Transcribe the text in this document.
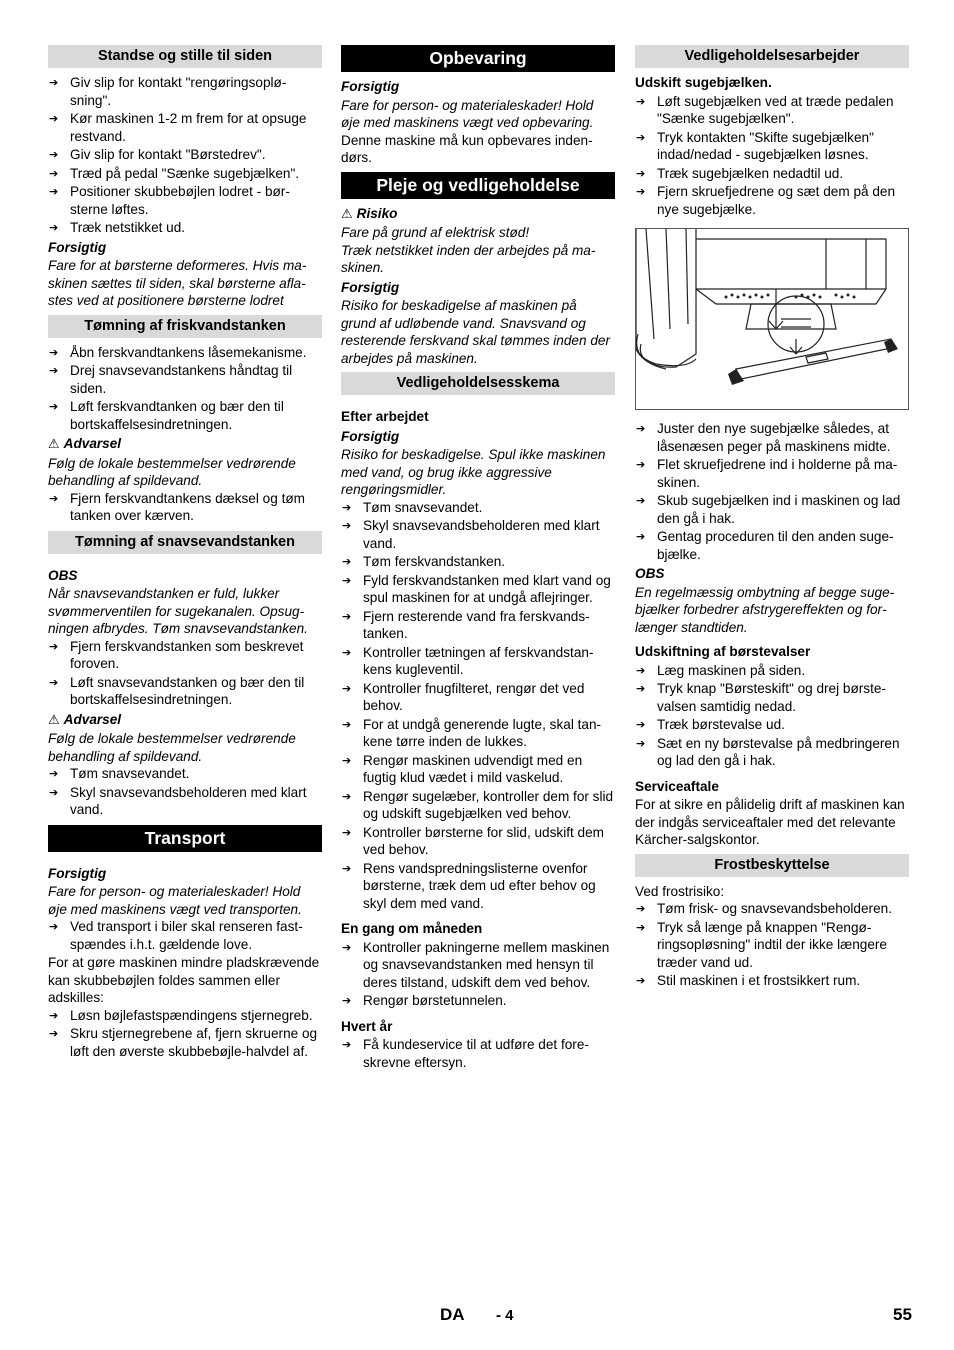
Standse og stille til siden
➔ Giv slip for kontakt "rengøringsopløsning".
➔ Kør maskinen 1-2 m frem for at opsuge restvand.
➔ Giv slip for kontakt "Børstedrev".
➔ Træd på pedal "Sænke sugebjælken".
➔ Positioner skubbebøjlen lodret - børsterne løftes.
➔ Træk netstikket ud.
Forsigtig

Fare for at børsterne deformeres. Hvis maskinen sættes til siden, skal børsterne aflastes ved at positionere børsterne lodret

Tømning af friskvandstanken
➔ Åbn ferskvandtankens låsemekanisme.
➔ Drej snavsevandstankens håndtag til siden.
➔ Løft ferskvandtanken og bær den til bortskaffelsesindretningen.
⚠ Advarsel

Følg de lokale bestemmelser vedrørende behandling af spildevand.

➔ Fjern ferskvandtankens dæksel og tøm tanken over kærven.
Tømning af snavsevandstanken
OBS

Når snavsevandstanken er fuld, lukker svømmerventilen for sugekanalen. Opsugningen afbrydes. Tøm snavsevandstanken.

➔ Fjern ferskvandstanken som beskrevet foroven.
➔ Løft snavsevandstanken og bær den til bortskaffelsesindretningen.
⚠ Advarsel

Følg de lokale bestemmelser vedrørende behandling af spildevand.

➔ Tøm snavsevandet.
➔ Skyl snavsevandsbeholderen med klart vand.
Transport
Forsigtig

Fare for person- og materialeskader! Hold øje med maskinens vægt ved transporten.

➔ Ved transport i biler skal renseren fastspændes i.h.t. gældende love.

For at gøre maskinen mindre pladskrævende kan skubbebøjlen foldes sammen eller adskilles:

➔ Løsn bøjlefastspændingens stjernegreb.
➔ Skru stjernegrebene af, fjern skruerne og løft den øverste skubbebøjle-halvdel af.
Opbevaring
Forsigtig

Fare for person- og materialeskader! Hold øje med maskinens vægt ved opbevaring.

Denne maskine må kun opbevares indendørs.

Pleje og vedligeholdelse
⚠ Risiko

Fare på grund af elektrisk stød!

Træk netstikket inden der arbejdes på maskinen.

Forsigtig

Risiko for beskadigelse af maskinen på grund af udløbende vand. Snavsvand og resterende ferskvand skal tømmes inden der arbejdes på maskinen.

Vedligeholdelsesskema
Efter arbejdet
Forsigtig

Risiko for beskadigelse. Spul ikke maskinen med vand, og brug ikke aggressive rengøringsmidler.

➔ Tøm snavsevandet.
➔ Skyl snavsevandsbeholderen med klart vand.
➔ Tøm ferskvandstanken.
➔ Fyld ferskvandstanken med klart vand og spul maskinen for at undgå aflejringer.
➔ Fjern resterende vand fra ferskvandstanken.
➔ Kontroller tætningen af ferskvandstankens kugleventil.
➔ Kontroller fnugfilteret, rengør det ved behov.
➔ For at undgå generende lugte, skal tankene tørre inden de lukkes.
➔ Rengør maskinen udvendigt med en fugtig klud vædet i mild vaskelud.
➔ Rengør sugelæber, kontroller dem for slid og udskift sugebjælken ved behov.
➔ Kontroller børsterne for slid, udskift dem ved behov.
➔ Rens vandspredningslisterne ovenfor børsterne, træk dem ud efter behov og skyl dem med vand.
En gang om måneden
➔ Kontroller pakningerne mellem maskinen og snavsevandstanken med hensyn til deres tilstand, udskift dem ved behov.
➔ Rengør børstetunnelen.
Hvert år
➔ Få kundeservice til at udføre det foreskrevne eftersyn.
Vedligeholdelsesarbejder
Udskift sugebjælken.
➔ Løft sugebjælken ved at træde pedalen "Sænke sugebjælken".
➔ Tryk kontakten "Skifte sugebjælken" indad/nedad - sugebjælken løsnes.
➔ Træk sugebjælken nedadtil ud.
➔ Fjern skruefjedrene og sæt dem på den nye sugebjælke.
➔ Juster den nye sugebjælke således, at låsenæsen peger på maskinens midte.
➔ Flet skruefjedrene ind i holderne på maskinen.
➔ Skub sugebjælken ind i maskinen og lad den gå i hak.
➔ Gentag proceduren til den anden sugebjælke.
OBS

En regelmæssig ombytning af begge sugebjælker forbedrer afstrygereffekten og forlænger standtiden.

Udskiftning af børstevalser
➔ Læg maskinen på siden.
➔ Tryk knap "Børsteskift" og drej børstevalsen samtidig nedad.
➔ Træk børstevalse ud.
➔ Sæt en ny børstevalse på medbringeren og lad den gå i hak.
Serviceaftale

For at sikre en pålidelig drift af maskinen kan der indgås serviceaftaler med det relevante Kärcher-salgskontor.

Frostbeskyttelse

Ved frostrisiko:

➔ Tøm frisk- og snavsevandsbeholderen.
➔ Tryk så længe på knappen "Rengøringsopløsning" indtil der ikke længere træder vand ud.
➔ Stil maskinen i et frostsikkert rum.
DA - 4	55
